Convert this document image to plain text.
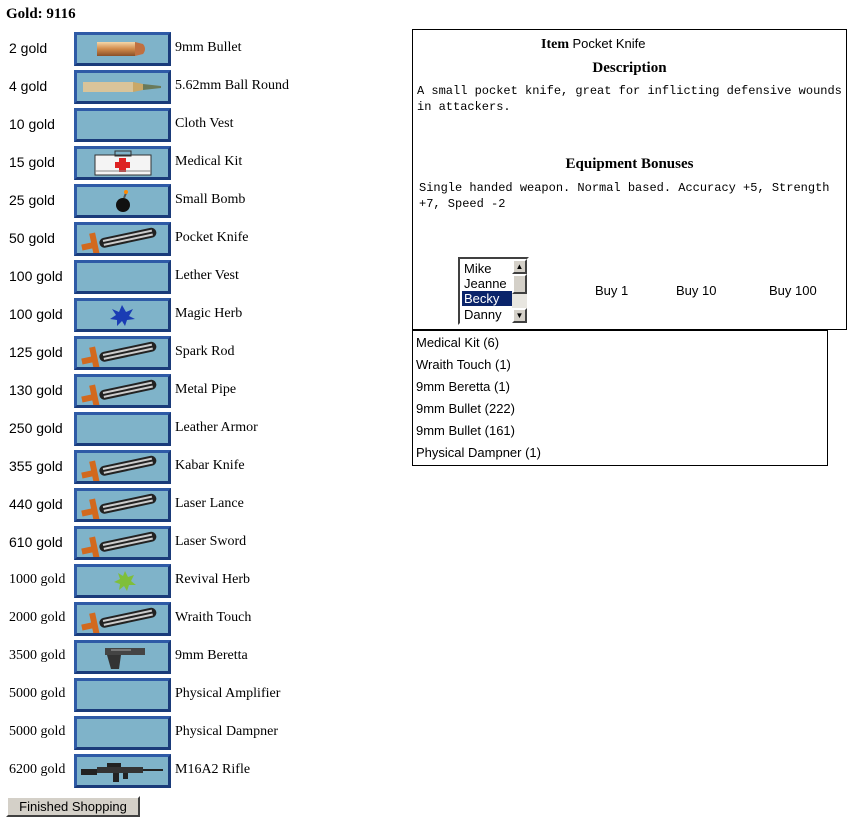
Gold: 9116
2 gold	9mm Bullet
4 gold	5.62mm Ball Round
10 gold	Cloth Vest
15 gold	Medical Kit
25 gold	Small Bomb
50 gold	Pocket Knife
100 gold	Lether Vest
100 gold	Magic Herb
125 gold	Spark Rod
130 gold	Metal Pipe
250 gold	Leather Armor
355 gold	Kabar Knife
440 gold	Laser Lance
610 gold	Laser Sword
1000 gold	Revival Herb
2000 gold	Wraith Touch
3500 gold	9mm Beretta
5000 gold	Physical Amplifier
5000 gold	Physical Dampner
6200 gold	M16A2 Rifle
Finished Shopping
Item Pocket Knife
Description
A small pocket knife, great for inflicting defensive wounds in attackers.
Equipment Bonuses
Single handed weapon. Normal based. Accuracy +5, Strength +7, Speed -2
Mike
Jeanne
Becky
Danny
▲
▼
Buy 1	Buy 10	Buy 100
Medical Kit (6)
Wraith Touch (1)
9mm Beretta (1)
9mm Bullet (222)
9mm Bullet (161)
Physical Dampner (1)
